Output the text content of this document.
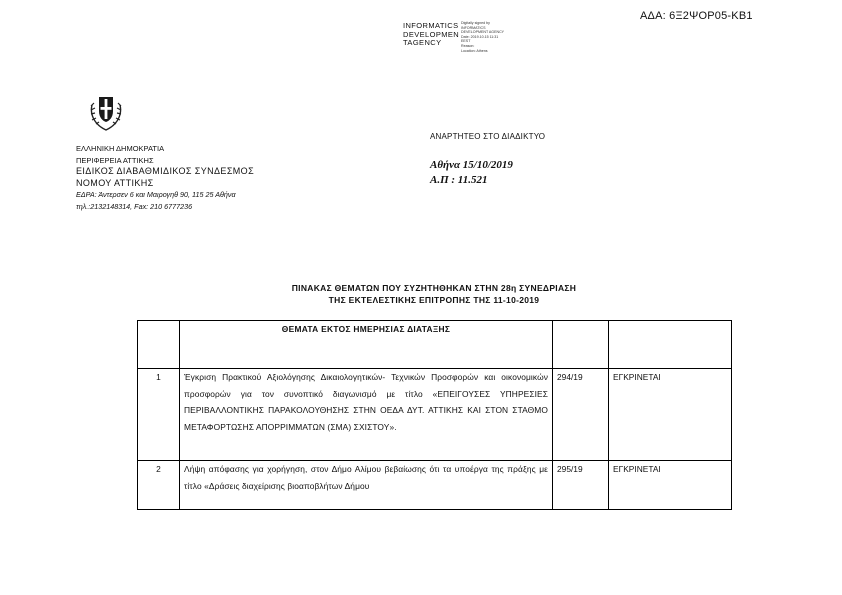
ΑΔΑ: 6Ξ2ΨΟΡ05-ΚΒ1
INFORMATICS
DEVELOPMEN
TAGENCY
Digitally signed by
INFORMATICS
DEVELOPMENT AGENCY
Date: 2019.10.15 11:31
EEST
Reason:
Location: Athens
ΕΛΛΗΝΙΚΗ ΔΗΜΟΚΡΑΤΙΑ
ΠΕΡΙΦΕΡΕΙΑ ΑΤΤΙΚΗΣ
ΕΙΔΙΚΟΣ ΔΙΑΒΑΘΜΙΔΙΚΟΣ ΣΥΝΔΕΣΜΟΣ
ΝΟΜΟΥ ΑΤΤΙΚΗΣ
ΕΔΡΑ: Άντερσεν 6 και Μαιρογηθ 90, 115 25 Αθήνα
τηλ.:2132148314, Fax: 210 6777236
ΑΝΑΡΤΗΤΕΟ ΣΤΟ ΔΙΑΔΙΚΤΥΟ
Αθήνα 15/10/2019
Α.Π : 11.521
ΠΙΝΑΚΑΣ ΘΕΜΑΤΩΝ ΠΟΥ ΣΥΖΗΤΗΘΗΚΑΝ ΣΤΗΝ 28η ΣΥΝΕΔΡΙΑΣΗ
ΤΗΣ ΕΚΤΕΛΕΣΤΙΚΗΣ ΕΠΙΤΡΟΠΗΣ ΤΗΣ 11-10-2019
	ΘΕΜΑΤΑ ΕΚΤΟΣ ΗΜΕΡΗΣΙΑΣ ΔΙΑΤΑΞΗΣ		
1	Έγκριση Πρακτικού Αξιολόγησης Δικαιολογητικών- Τεχνικών Προσφορών και οικονομικών προσφορών για τον συνοπτικό διαγωνισμό με τίτλο «ΕΠΕΙΓΟΥΣΕΣ ΥΠΗΡΕΣΙΕΣ ΠΕΡΙΒΑΛΛΟΝΤΙΚΗΣ ΠΑΡΑΚΟΛΟΥΘΗΣΗΣ ΣΤΗΝ ΟΕΔΑ ΔΥΤ. ΑΤΤΙΚΗΣ ΚΑΙ ΣΤΟΝ ΣΤΑΘΜΟ ΜΕΤΑΦΟΡΤΩΣΗΣ ΑΠΟΡΡΙΜΜΑΤΩΝ (ΣΜΑ) ΣΧΙΣΤΟΥ».	294/19	ΕΓΚΡΙΝΕΤΑΙ
2	Λήψη απόφασης για χορήγηση, στον Δήμο Αλίμου βεβαίωσης ότι τα υποέργα της πράξης με τίτλο «Δράσεις διαχείρισης βιοαποβλήτων Δήμου	295/19	ΕΓΚΡΙΝΕΤΑΙ
